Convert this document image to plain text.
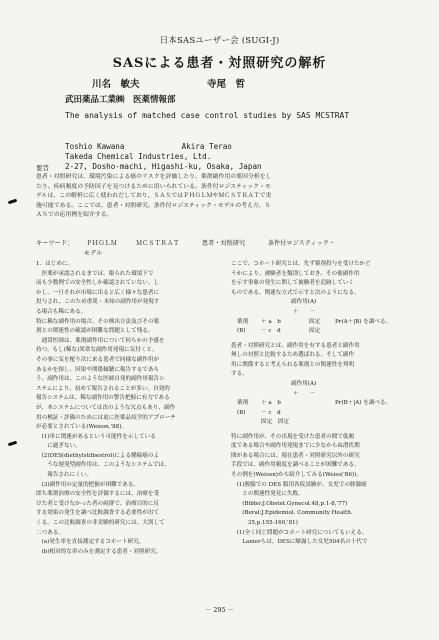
日本SASユーザー会 (SUGI-J)
SASによる患者・対照研究の解析
川名　敏夫	寺尾　哲
武田薬品工業㈱　医薬情報部
The analysis of matched case control studies by SAS MCSTRAT
Toshio Kawana	Akira Terao
Takeda Chemical Industries, Ltd.
要旨 2-27, Dosho-machi, Higashi-ku, Osaka, Japan

患者・対照研究は、環境汚染による癌のリスクを評価したり、薬剤副作用の要因分析をし

たり、疾病頻度の予防因子を見つけるために用いられている。条件付ロジスティック・モ

デルは、この解析に広く使われだしており、ＳＡＳではＰＨＧＬＭやＭＣＳＴＲＡＴで実

施可能である。ここでは、患者・対照研究、条件付ロジスティック・モデルの考え方、Ｓ

ＡＳでの応用例を紹介する。

キーワード： ＰＨＧＬＭ	ＭＣＳＴＲＡＴ	患者・対照研究	条件付ロジスティック・
モデル

1．はじめに。

　医薬が承認されるまでは、限られた環境下で

而も少数例での安全性しか確認されていない。し

かし、一旦それが市場に出ると広く様々な患者に

投与され、このため重篤・未知の副作用が発現す

る場合も稀にある。

特に稀な副作用の場合、その検出方法及びその薬

剤との関連性の確認が困難な問題として残る。

　通常医師は、薬剤副作用について何らかの予感を

持つ。もし(稀な)異常な副作用発現に気付くと、

その事に気を配り次に来る患者で同様な副作用が

あるかを探し、因果や関係傾聴に報告するであろ

う。副作用は、このような医師自発的副作用報告シ

ステムにより、初めて報告されることが多い。自発的

報告システムは、稀な副作用の警告把握に有力である

が、本システムについては次のような欠点もあり、副作

用の検証・評価のためには更に医薬品疫学的アプローチ

が必要とされている(Weison,'88)。

　(1)単に関連があるという可能性を示している

　　に過ぎない。

　(2)DES(diethylstilbestrol)による腫瘍癌のよ

　　うな遅発型副作用は、このようなシステムでは、

　　報告されにくい。

　(3)副作用の定量的把握が困難である。

即ち薬剤治療の安全性を評価するには、治療を受

けた者と受けなかった者の両群で、治療目的に反

する効果の発生を調べ比較調査する必要性が出て

くる。この比較調査の非実験的研究には、大別して

二つある。

　(a)発生率を直接測定するコホート研究。

　(b)相対的な率のみを測定する患者・対照研究。

ここで、コホート研究とは、先ず薬剤投与を受けたかど

うかにより、被験者を類別しておき、その後副作用

を示す事象の発生に関して被験者を追跡していく

ものである。関連な方式で示すと次のようになる。

副作用(A)
＋　　－
薬剤 ＋ a　b	固定	Pr(A＋|B) を調べる。
(B)	－ c　d	固定

患者・対照研究とは、副作用を有する患者と副作用

無しの対照と比較するため選ばれる。そして副作

用に関係すると考えられる薬剤との関連性を判明

する。

副作用(A)
＋　　－
薬剤 ＋ a　b	Pr(B＋|A) を調べる。
(B)	－ c　d
固定　固定

特に副作用が、その出現を受けた患者の間で低頻

度である場合や副作用発現までに少なからぬ潜伏期

間がある場合には、現在患者・対照研究以外の研究

手段では、副作用頻度を調べることが困難である。

その例を(Weison)から紹介してみる(Weiss('86))。

　(1)膣腺での DES 服用各仮試験が、女児での膣腺癌

　　との関連性発見に失敗。

　　(Bibbo:J.Obstet.Gynecol.48,p.1-8,'77)

　　(Beral:J.Epidemiol. Community Health.

　　　35,p.155-160,'81)

　(1)全く同じ問題がコホート研究についてもいえる。

　　Lanierらは、DESに曝露した女児504名の十代で

－ 295 －
